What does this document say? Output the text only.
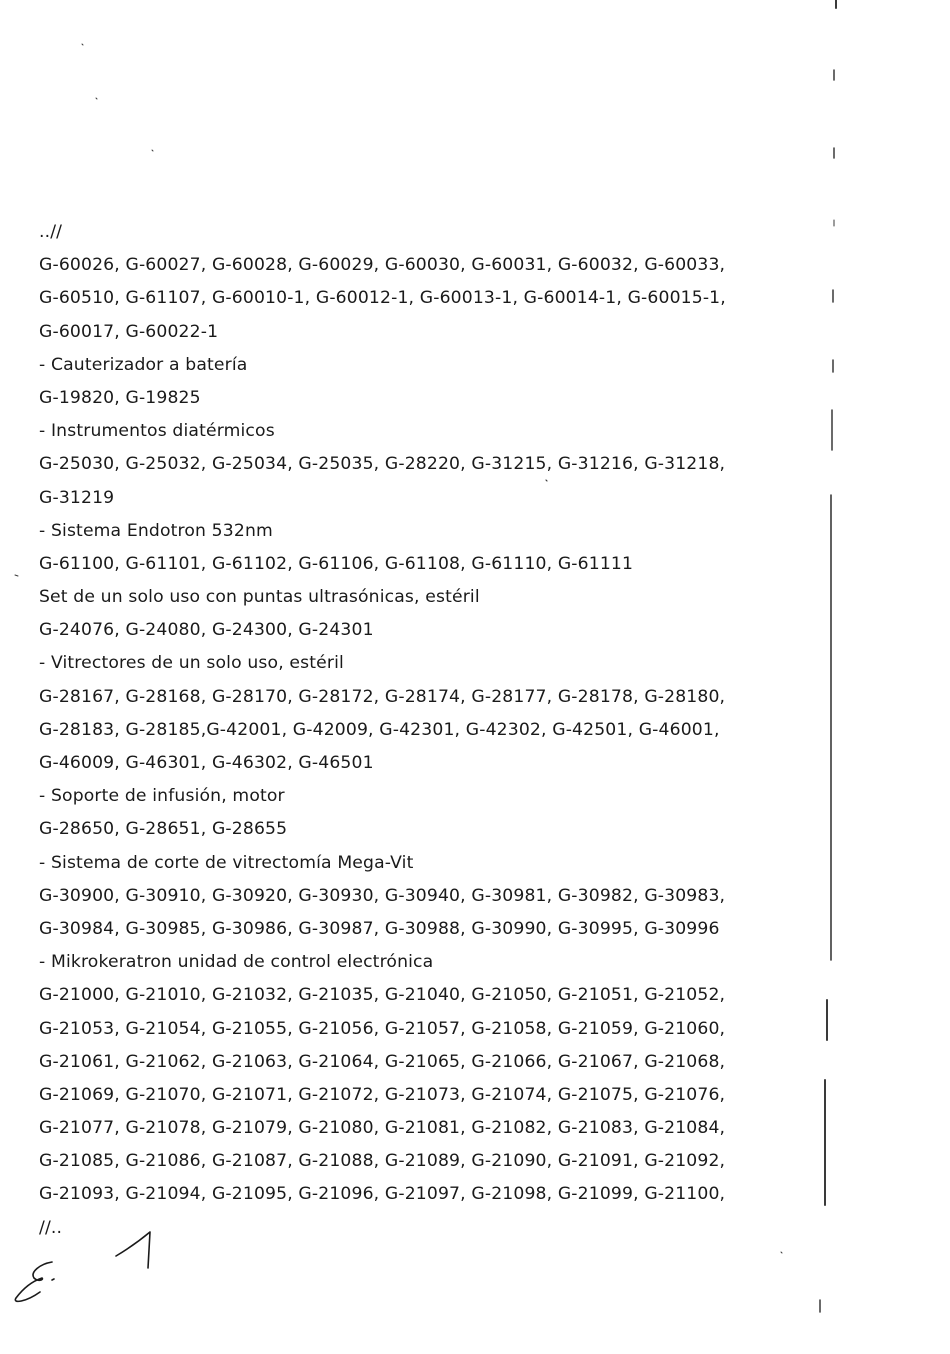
..//
G-60026, G-60027, G-60028, G-60029, G-60030, G-60031, G-60032, G-60033,
G-60510, G-61107, G-60010-1, G-60012-1, G-60013-1, G-60014-1, G-60015-1,
G-60017, G-60022-1
- Cauterizador a batería
G-19820, G-19825
- Instrumentos diatérmicos
G-25030, G-25032, G-25034, G-25035, G-28220, G-31215, G-31216, G-31218,
G-31219
- Sistema Endotron 532nm
G-61100, G-61101, G-61102, G-61106, G-61108, G-61110, G-61111
Set de un solo uso con puntas ultrasónicas, estéril
G-24076, G-24080, G-24300, G-24301
- Vitrectores de un solo uso, estéril
G-28167, G-28168, G-28170, G-28172, G-28174, G-28177, G-28178, G-28180,
G-28183, G-28185,G-42001, G-42009, G-42301, G-42302, G-42501, G-46001,
G-46009, G-46301, G-46302, G-46501
- Soporte de infusión, motor
G-28650, G-28651, G-28655
- Sistema de corte de vitrectomía Mega-Vit
G-30900, G-30910, G-30920, G-30930, G-30940, G-30981, G-30982, G-30983,
G-30984, G-30985, G-30986, G-30987, G-30988, G-30990, G-30995, G-30996
- Mikrokeratron unidad de control electrónica
G-21000, G-21010, G-21032, G-21035, G-21040, G-21050, G-21051, G-21052,
G-21053, G-21054, G-21055, G-21056, G-21057, G-21058, G-21059, G-21060,
G-21061, G-21062, G-21063, G-21064, G-21065, G-21066, G-21067, G-21068,
G-21069, G-21070, G-21071, G-21072, G-21073, G-21074, G-21075, G-21076,
G-21077, G-21078, G-21079, G-21080, G-21081, G-21082, G-21083, G-21084,
G-21085, G-21086, G-21087, G-21088, G-21089, G-21090, G-21091, G-21092,
G-21093, G-21094, G-21095, G-21096, G-21097, G-21098, G-21099, G-21100,
//..
